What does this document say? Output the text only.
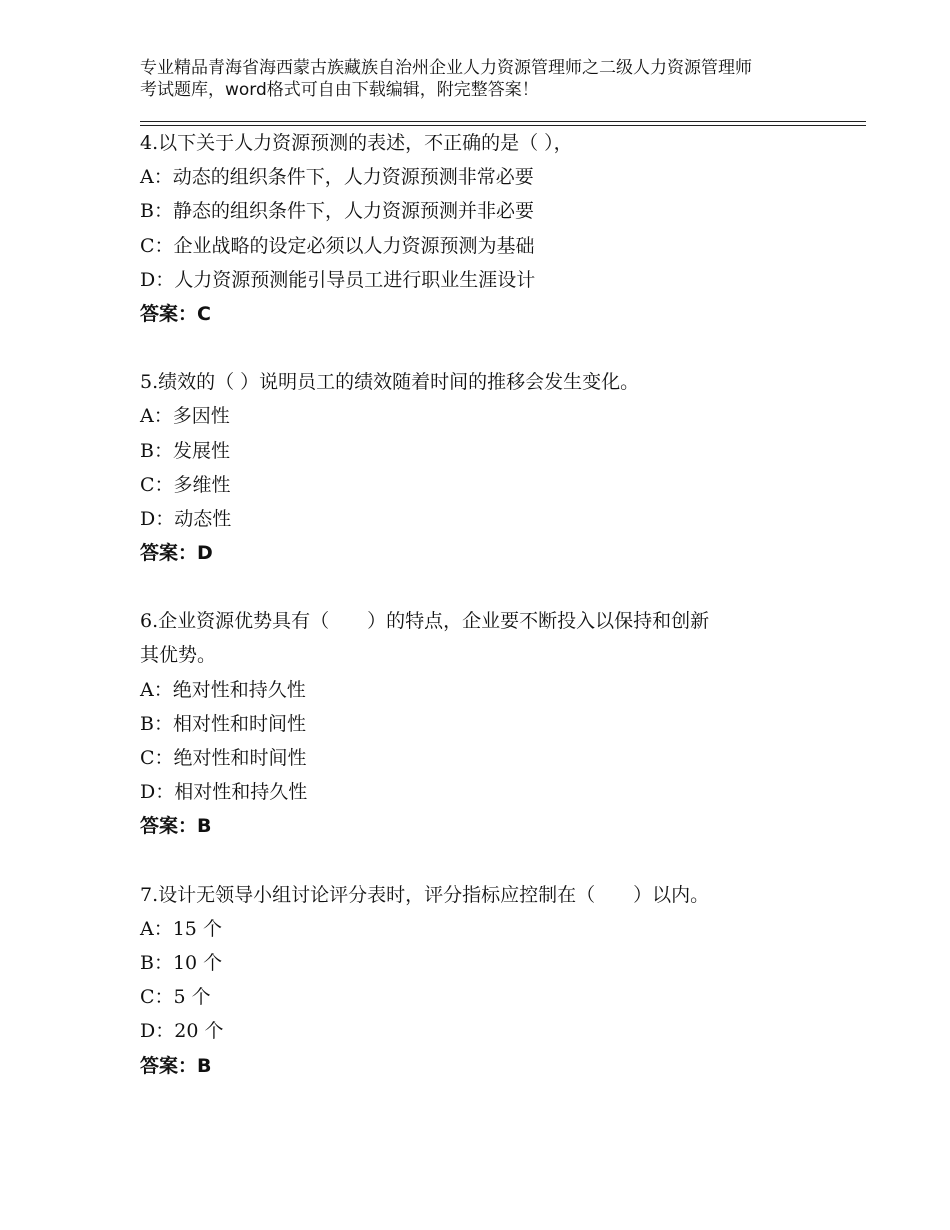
专业精品青海省海西蒙古族藏族自治州企业人力资源管理师之二级人力资源管理师
考试题库，word格式可自由下载编辑，附完整答案！
4.以下关于人力资源预测的表述，不正确的是（ ），
A：动态的组织条件下，人力资源预测非常必要
B：静态的组织条件下，人力资源预测并非必要
C：企业战略的设定必须以人力资源预测为基础
D：人力资源预测能引导员工进行职业生涯设计
答案：C
5.绩效的（ ）说明员工的绩效随着时间的推移会发生变化。
A：多因性
B：发展性
C：多维性
D：动态性
答案：D
6.企业资源优势具有（　　）的特点，企业要不断投入以保持和创新
其优势。
A：绝对性和持久性
B：相对性和时间性
C：绝对性和时间性
D：相对性和持久性
答案：B
7.设计无领导小组讨论评分表时，评分指标应控制在（　　）以内。
A：15 个
B：10 个
C：5 个
D：20 个
答案：B
